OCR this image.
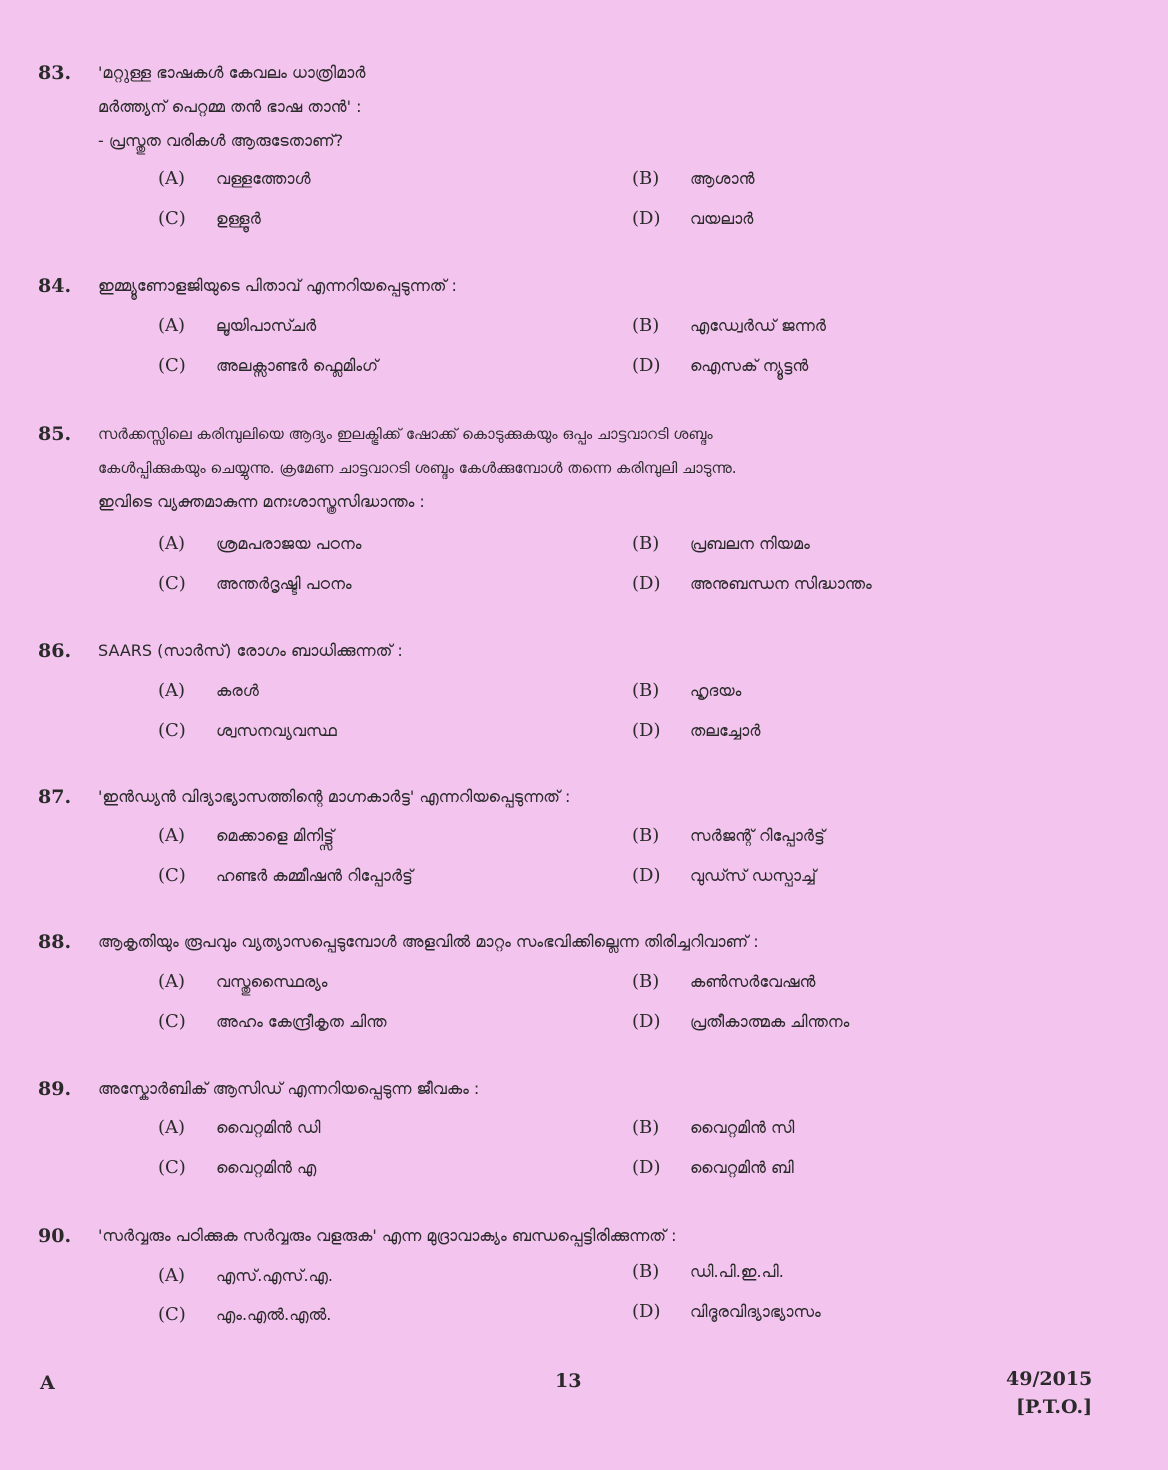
83. 'മറ്റുള്ള ഭാഷകൾ കേവലം ധാത്രിമാർ
മർത്ത്യന് പെറ്റമ്മ തൻ ഭാഷ താൻ' :
- പ്രസ്തുത വരികൾ ആരുടേതാണ്?

(A) വള്ളത്തോൾ	(B) ആശാൻ
(C) ഉള്ളൂർ	(D) വയലാർ
84. ഇമ്മ്യൂണോളജിയുടെ പിതാവ് എന്നറിയപ്പെടുന്നത് :

(A) ലൂയിപാസ്ചർ	(B) എഡ്വേർഡ് ജന്നർ
(C) അലക്സാണ്ടർ ഫ്ലെമിംഗ്	(D) ഐസക് ന്യൂട്ടൻ
85. സർക്കസ്സിലെ കരിമ്പുലിയെ ആദ്യം ഇലക്ട്രിക്ക് ഷോക്ക് കൊടുക്കുകയും ഒപ്പം ചാട്ടവാറടി ശബ്ദം
കേൾപ്പിക്കുകയും ചെയ്യുന്നു. ക്രമേണ ചാട്ടവാറടി ശബ്ദം കേൾക്കുമ്പോൾ തന്നെ കരിമ്പുലി ചാടുന്നു.
ഇവിടെ വ്യക്തമാകുന്ന മനഃശാസ്ത്രസിദ്ധാന്തം :

(A) ശ്രമപരാജയ പഠനം	(B) പ്രബലന നിയമം
(C) അന്തർദൃഷ്ടി പഠനം	(D) അനുബന്ധന സിദ്ധാന്തം
86. SAARS (സാർസ്) രോഗം ബാധിക്കുന്നത് :

(A) കരൾ	(B) ഹൃദയം
(C) ശ്വസനവ്യവസ്ഥ	(D) തലച്ചോർ
87. 'ഇൻഡ്യൻ വിദ്യാഭ്യാസത്തിന്റെ മാഗ്നകാർട്ട' എന്നറിയപ്പെടുന്നത് :

(A) മെക്കാളെ മിനിട്ട്സ്	(B) സർജന്റ് റിപ്പോർട്ട്
(C) ഹണ്ടർ കമ്മീഷൻ റിപ്പോർട്ട്	(D) വുഡ്സ് ഡസ്പാച്ച്
88. ആകൃതിയും രൂപവും വ്യത്യാസപ്പെടുമ്പോൾ അളവിൽ മാറ്റം സംഭവിക്കില്ലെന്ന തിരിച്ചറിവാണ് :

(A) വസ്തുസ്ഥൈര്യം	(B) കൺസർവേഷൻ
(C) അഹം കേന്ദ്രീകൃത ചിന്ത	(D) പ്രതീകാത്മക ചിന്തനം
89. അസ്കോർബിക് ആസിഡ് എന്നറിയപ്പെടുന്ന ജീവകം :

(A) വൈറ്റമിൻ ഡി	(B) വൈറ്റമിൻ സി
(C) വൈറ്റമിൻ എ	(D) വൈറ്റമിൻ ബി
90. 'സർവ്വരും പഠിക്കുക സർവ്വരും വളരുക' എന്ന മുദ്രാവാക്യം ബന്ധപ്പെട്ടിരിക്കുന്നത് :

(A) എസ്.എസ്.എ.	(B) ഡി.പി.ഇ.പി.
(C) എം.എൽ.എൽ.	(D) വിദൂരവിദ്യാഭ്യാസം
A	13	49/2015
[P.T.O.]
